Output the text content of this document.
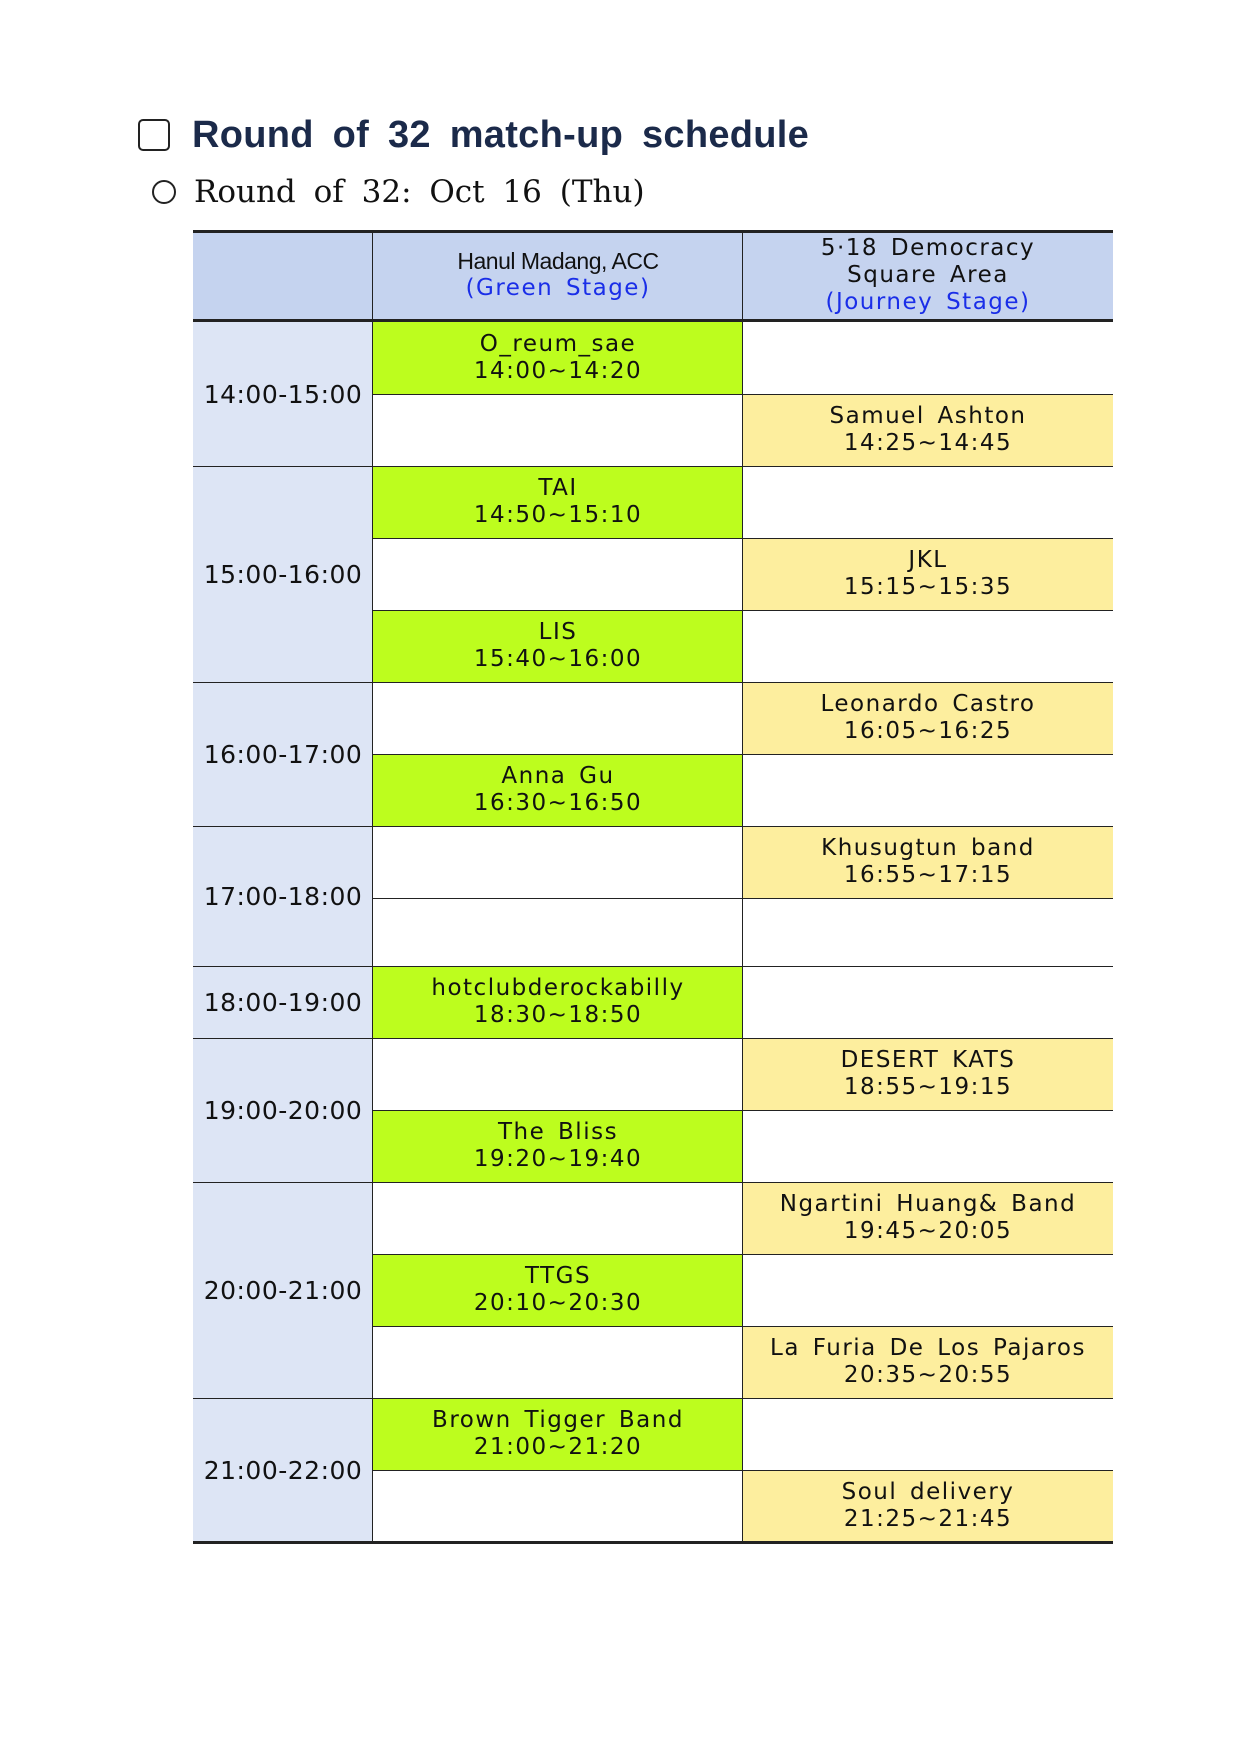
Round of 32 match-up schedule
Round of 32: Oct 16 (Thu)
Hanul Madang, ACC
(Green Stage)
5·18 Democracy
Square Area
(Journey Stage)
14:00-15:00
15:00-16:00
16:00-17:00
17:00-18:00
18:00-19:00
19:00-20:00
20:00-21:00
21:00-22:00
O_reum_sae
14:00~14:20
TAI
14:50~15:10
LIS
15:40~16:00
Anna Gu
16:30~16:50
hotclubderockabilly
18:30~18:50
The Bliss
19:20~19:40
TTGS
20:10~20:30
Brown Tigger Band
21:00~21:20
Samuel Ashton
14:25~14:45
JKL
15:15~15:35
Leonardo Castro
16:05~16:25
Khusugtun band
16:55~17:15
DESERT KATS
18:55~19:15
Ngartini Huang& Band
19:45~20:05
La Furia De Los Pajaros
20:35~20:55
Soul delivery
21:25~21:45
